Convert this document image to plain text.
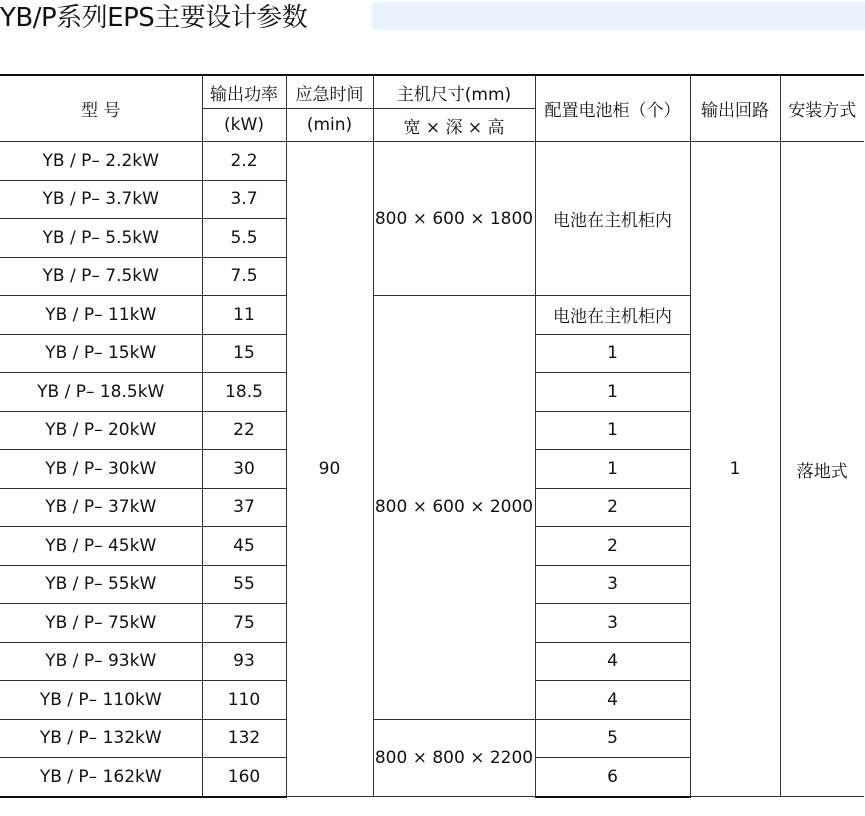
YB/P系列EPS主要设计参数
型 号	输出功率	应急时间	主机尺寸(mm)	配置电池柜（个）	输出回路	安装方式
	(kW)	(min)	宽 × 深 × 高			
YB / P– 2.2kW	2.2	90	800 × 600 × 1800	电池在主机柜内	1	落地式
YB / P– 3.7kW	3.7					
YB / P– 5.5kW	5.5					
YB / P– 7.5kW	7.5					
YB / P– 11kW	11		800 × 600 × 2000	电池在主机柜内		
YB / P– 15kW	15			1		
YB / P– 18.5kW	18.5			1		
YB / P– 20kW	22			1		
YB / P– 30kW	30			1		
YB / P– 37kW	37			2		
YB / P– 45kW	45			2		
YB / P– 55kW	55			3		
YB / P– 75kW	75			3		
YB / P– 93kW	93			4		
YB / P– 110kW	110			4		
YB / P– 132kW	132		800 × 800 × 2200	5		
YB / P– 162kW	160			6		
